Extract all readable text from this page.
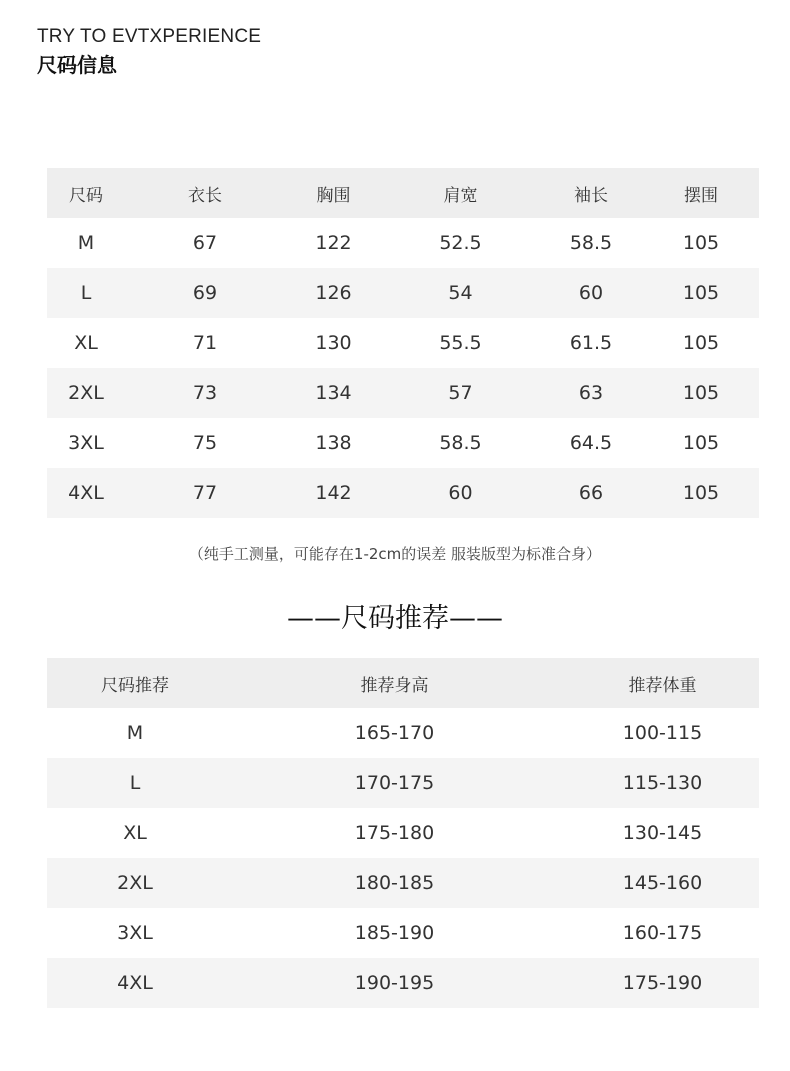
TRY TO EVTXPERIENCE
尺码信息
尺码	衣长	胸围	肩宽	袖长	摆围
M	67	122	52.5	58.5	105
L	69	126	54	60	105
XL	71	130	55.5	61.5	105
2XL	73	134	57	63	105
3XL	75	138	58.5	64.5	105
4XL	77	142	60	66	105
（纯手工测量，可能存在1-2cm的误差 服装版型为标准合身）
——尺码推荐——
尺码推荐	推荐身高	推荐体重
M	165-170	100-115
L	170-175	115-130
XL	175-180	130-145
2XL	180-185	145-160
3XL	185-190	160-175
4XL	190-195	175-190
